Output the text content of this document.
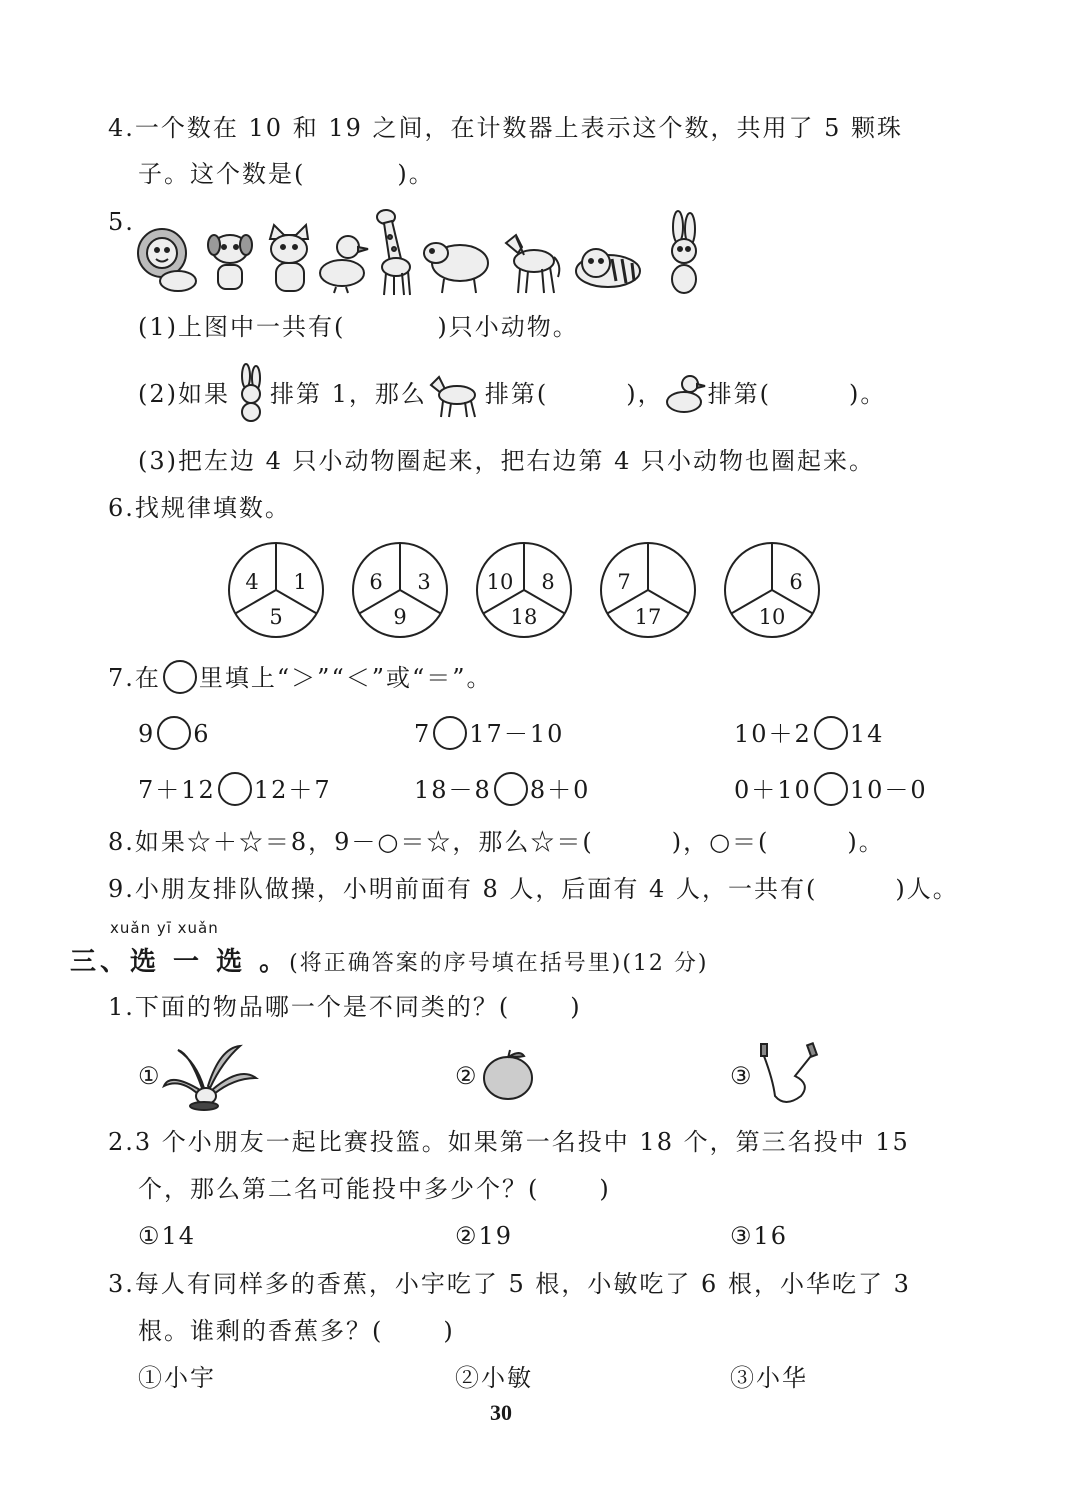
4.一个数在 10 和 19 之间，在计数器上表示这个数，共用了 5 颗珠
子。这个数是(	)。
5.
(1)上图中一共有(	)只小动物。
(2)如果 排第 1，那么 排第(	)， 排第(	)。
(3)把左边 4 只小动物圈起来，把右边第 4 只小动物也圈起来。
6.找规律填数。
4 1
5
6 3
9
10 8
18
7
17
6
10
7.在 里填上“＞”“＜”或“＝”。
9 6	7 17－10	10＋2 14
7＋12 12＋7	18－8 8＋0	0＋10 10－0
8.如果☆＋☆＝8，9－○＝☆，那么☆＝(	)，○＝(	)。
9.小朋友排队做操，小明前面有 8 人，后面有 4 人，一共有(	)人。
xuǎn yī xuǎn
三、选 一 选 。(将正确答案的序号填在括号里)(12 分)
1.下面的物品哪一个是不同类的？(	)
①	②	③
2.3 个小朋友一起比赛投篮。如果第一名投中 18 个，第三名投中 15
个，那么第二名可能投中多少个？(	)
①14	②19	③16
3.每人有同样多的香蕉，小宇吃了 5 根，小敏吃了 6 根，小华吃了 3
根。谁剩的香蕉多？(	)
①小宇	②小敏	③小华
30
